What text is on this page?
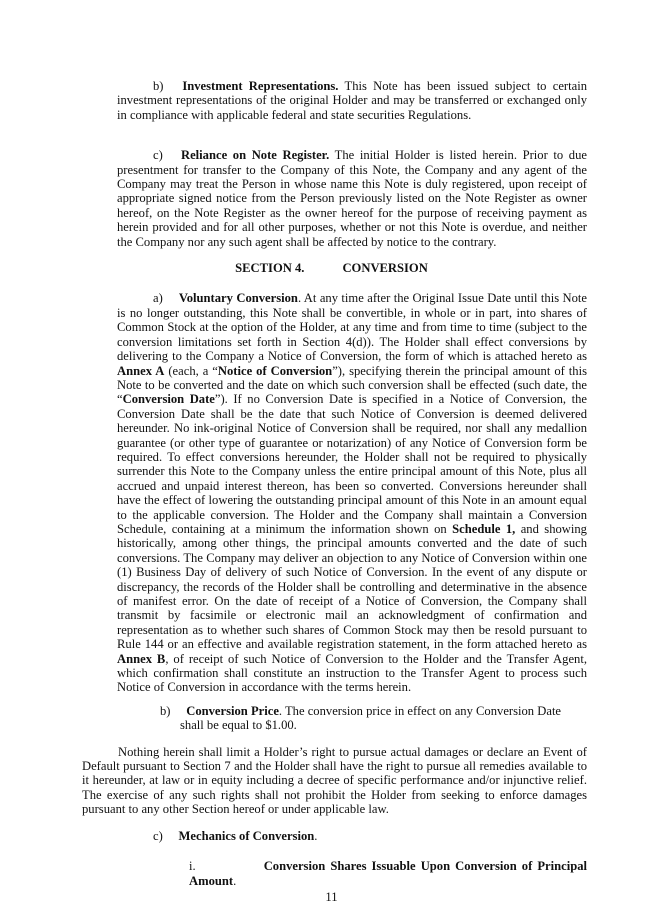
b)  Investment Representations. This Note has been issued subject to certain investment representations of the original Holder and may be transferred or exchanged only in compliance with applicable federal and state securities Regulations.

c)  Reliance on Note Register. The initial Holder is listed herein. Prior to due presentment for transfer to the Company of this Note, the Company and any agent of the Company may treat the Person in whose name this Note is duly registered, upon receipt of appropriate signed notice from the Person previously listed on the Note Register as owner hereof, on the Note Register as the owner hereof for the purpose of receiving payment as herein provided and for all other purposes, whether or not this Note is overdue, and neither the Company nor any such agent shall be affected by notice to the contrary.

SECTION 4.	CONVERSION

a)  Voluntary Conversion. At any time after the Original Issue Date until this Note is no longer outstanding, this Note shall be convertible, in whole or in part, into shares of Common Stock at the option of the Holder, at any time and from time to time (subject to the conversion limitations set forth in Section 4(d)). The Holder shall effect conversions by delivering to the Company a Notice of Conversion, the form of which is attached hereto as Annex A (each, a “Notice of Conversion”), specifying therein the principal amount of this Note to be converted and the date on which such conversion shall be effected (such date, the “Conversion Date”). If no Conversion Date is specified in a Notice of Conversion, the Conversion Date shall be the date that such Notice of Conversion is deemed delivered hereunder. No ink-original Notice of Conversion shall be required, nor shall any medallion guarantee (or other type of guarantee or notarization) of any Notice of Conversion form be required. To effect conversions hereunder, the Holder shall not be required to physically surrender this Note to the Company unless the entire principal amount of this Note, plus all accrued and unpaid interest thereon, has been so converted. Conversions hereunder shall have the effect of lowering the outstanding principal amount of this Note in an amount equal to the applicable conversion. The Holder and the Company shall maintain a Conversion Schedule, containing at a minimum the information shown on Schedule 1, and showing historically, among other things, the principal amounts converted and the date of such conversions. The Company may deliver an objection to any Notice of Conversion within one (1) Business Day of delivery of such Notice of Conversion. In the event of any dispute or discrepancy, the records of the Holder shall be controlling and determinative in the absence of manifest error. On the date of receipt of a Notice of Conversion, the Company shall transmit by facsimile or electronic mail an acknowledgment of confirmation and representation as to whether such shares of Common Stock may then be resold pursuant to Rule 144 or an effective and available registration statement, in the form attached hereto as Annex B, of receipt of such Notice of Conversion to the Holder and the Transfer Agent, which confirmation shall constitute an instruction to the Transfer Agent to process such Notice of Conversion in accordance with the terms herein.

b)  Conversion Price. The conversion price in effect on any Conversion Date shall be equal to $1.00.

Nothing herein shall limit a Holder’s right to pursue actual damages or declare an Event of Default pursuant to Section 7 and the Holder shall have the right to pursue all remedies available to it hereunder, at law or in equity including a decree of specific performance and/or injunctive relief. The exercise of any such rights shall not prohibit the Holder from seeking to enforce damages pursuant to any other Section hereof or under applicable law.

c)  Mechanics of Conversion.

i.      Conversion Shares Issuable Upon Conversion of Principal Amount.

11
